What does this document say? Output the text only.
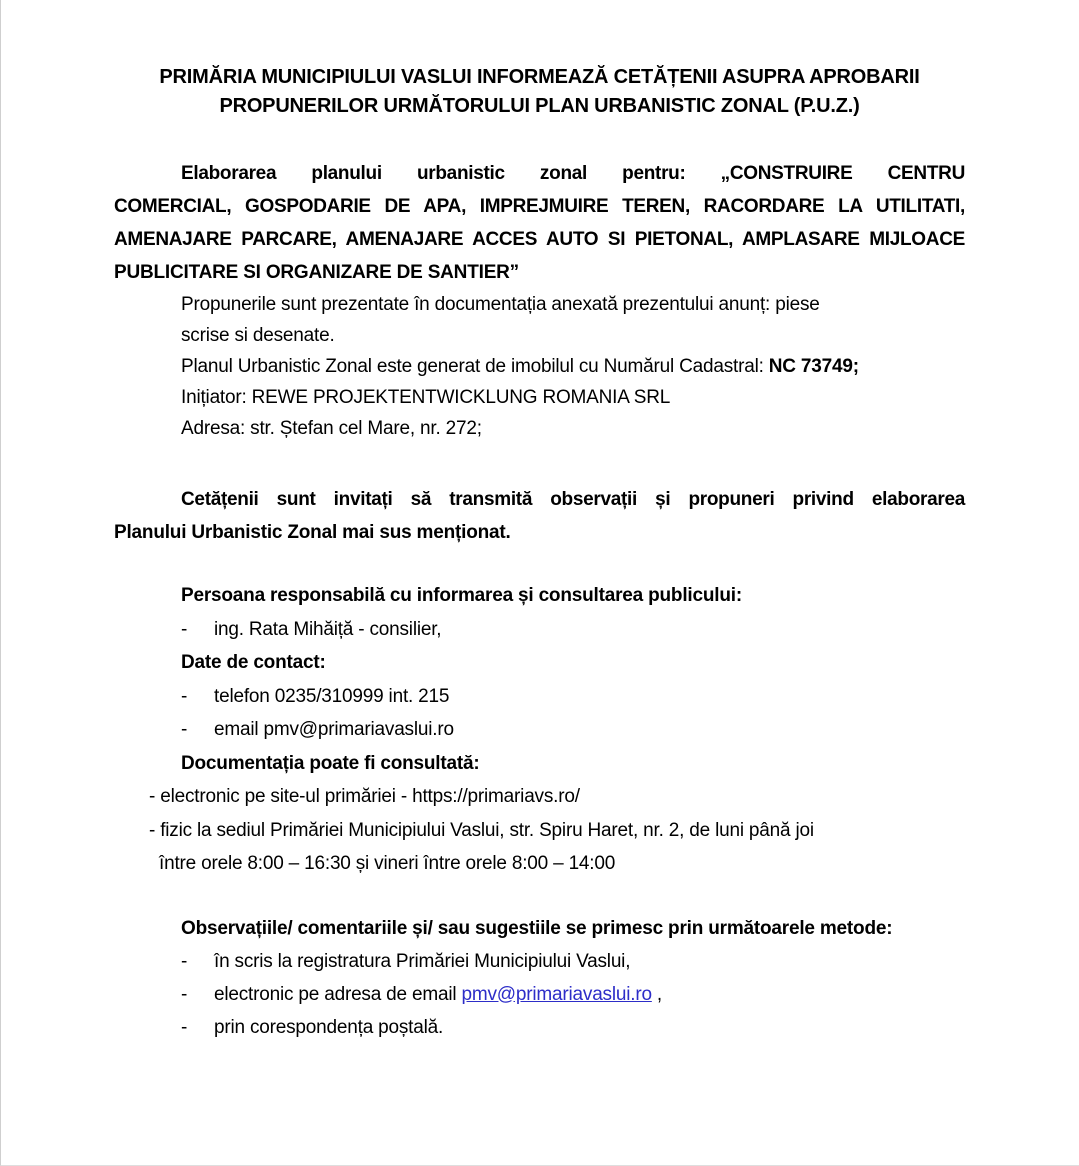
PRIMĂRIA MUNICIPIULUI VASLUI INFORMEAZĂ CETĂȚENII ASUPRA APROBARII
PROPUNERILOR URMĂTORULUI PLAN URBANISTIC ZONAL (P.U.Z.)
Elaborarea planului urbanistic zonal pentru: „CONSTRUIRE CENTRU
COMERCIAL, GOSPODARIE DE APA, IMPREJMUIRE TEREN, RACORDARE LA UTILITATI,
AMENAJARE PARCARE, AMENAJARE ACCES AUTO SI PIETONAL, AMPLASARE MIJLOACE
PUBLICITARE SI ORGANIZARE DE SANTIER”
Propunerile sunt prezentate în documentația anexată prezentului anunț: piese
scrise si desenate.
Planul Urbanistic Zonal este generat de imobilul cu Numărul Cadastral: NC 73749;
Inițiator: REWE PROJEKTENTWICKLUNG ROMANIA SRL
Adresa: str. Ștefan cel Mare, nr. 272;
Cetățenii sunt invitați să transmită observații și propuneri privind elaborarea
Planului Urbanistic Zonal mai sus menționat.
Persoana responsabilă cu informarea și consultarea publicului:
-	ing. Rata Mihăiță - consilier,
Date de contact:
-	telefon 0235/310999 int. 215
-	email pmv@primariavaslui.ro
Documentația poate fi consultată:
- electronic pe site-ul primăriei - https://primariavs.ro/
- fizic la sediul Primăriei Municipiului Vaslui, str. Spiru Haret, nr. 2, de luni până joi
între orele 8:00 – 16:30 și vineri între orele 8:00 – 14:00
Observațiile/ comentariile și/ sau sugestiile se primesc prin următoarele metode:
-	în scris la registratura Primăriei Municipiului Vaslui,
-	electronic pe adresa de email pmv@primariavaslui.ro ,
-	prin corespondența poștală.
